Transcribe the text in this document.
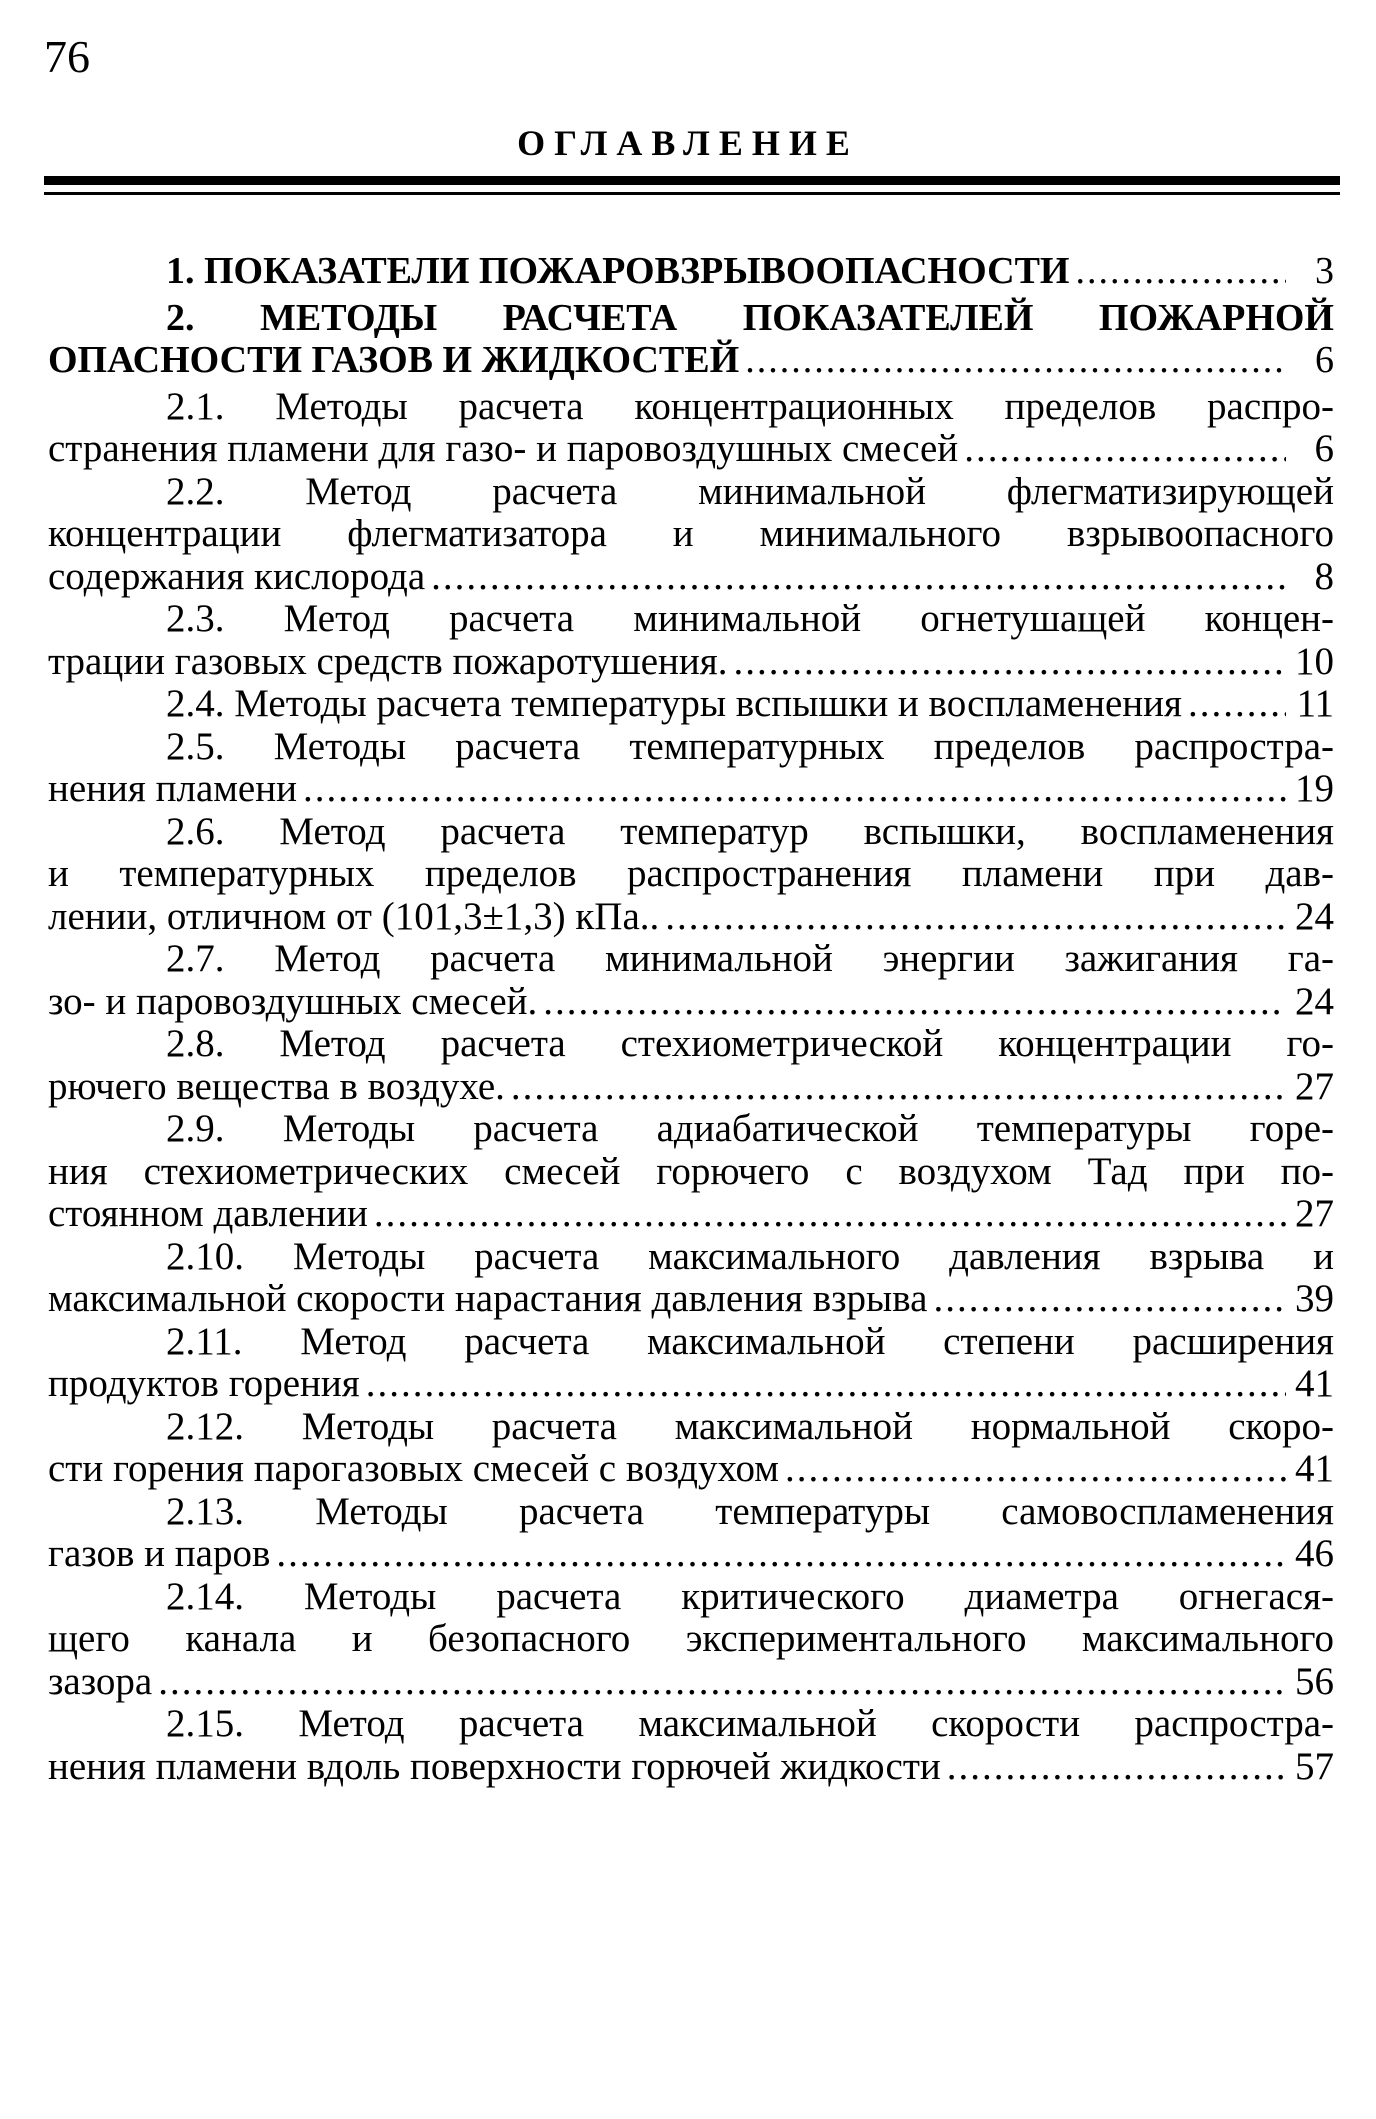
76
ОГЛАВЛЕНИЕ
1. ПОКАЗАТЕЛИ ПОЖАРОВЗРЫВООПАСНОСТИ .....	3
2. МЕТОДЫ РАСЧЕТА ПОКАЗАТЕЛЕЙ ПОЖАРНОЙ
ОПАСНОСТИ ГАЗОВ И ЖИДКОСТЕЙ .....	6
2.1. Методы расчета концентрационных пределов распро-
странения пламени для газо- и паровоздушных смесей .....	6
2.2. Метод расчета минимальной флегматизирующей
концентрации флегматизатора и минимального взрывоопасного
содержания кислорода .....	8
2.3. Метод расчета минимальной огнетушащей концен-
трации газовых средств пожаротушения. .....	10
2.4. Методы расчета температуры вспышки и воспламенения .....	11
2.5. Методы расчета температурных пределов распростра-
нения пламени .....	19
2.6. Метод расчета температур вспышки, воспламенения
и температурных пределов распространения пламени при дав-
лении, отличном от (101,3±1,3) кПа.. .....	24
2.7. Метод расчета минимальной энергии зажигания га-
зо- и паровоздушных смесей. .....	24
2.8. Метод расчета стехиометрической концентрации го-
рючего вещества в воздухе. .....	27
2.9. Методы расчета адиабатической температуры горе-
ния стехиометрических смесей горючего с воздухом Тад при по-
стоянном давлении .....	27
2.10. Методы расчета максимального давления взрыва и
максимальной скорости нарастания давления взрыва .....	39
2.11. Метод расчета максимальной степени расширения
продуктов горения .....	41
2.12. Методы расчета максимальной нормальной скоро-
сти горения парогазовых смесей с воздухом .....	41
2.13. Методы расчета температуры самовоспламенения
газов и паров .....	46
2.14. Методы расчета критического диаметра огнегася-
щего канала и безопасного экспериментального максимального
зазора .....	56
2.15. Метод расчета максимальной скорости распростра-
нения пламени вдоль поверхности горючей жидкости .....	57
